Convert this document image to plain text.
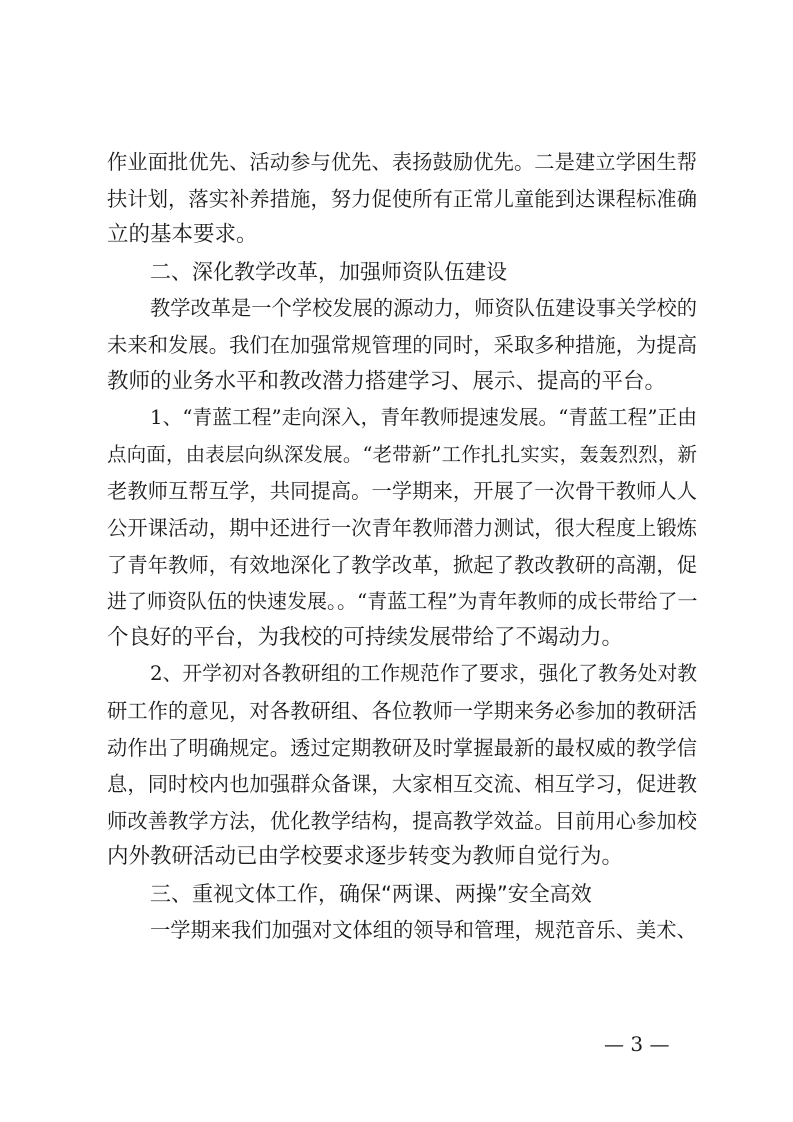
作业面批优先、活动参与优先、表扬鼓励优先。二是建立学困生帮
扶计划，落实补养措施，努力促使所有正常儿童能到达课程标准确
立的基本要求。
二、深化教学改革，加强师资队伍建设
教学改革是一个学校发展的源动力，师资队伍建设事关学校的
未来和发展。我们在加强常规管理的同时，采取多种措施，为提高
教师的业务水平和教改潜力搭建学习、展示、提高的平台。
1、“青蓝工程”走向深入，青年教师提速发展。“青蓝工程”正由
点向面，由表层向纵深发展。“老带新”工作扎扎实实，轰轰烈烈，新
老教师互帮互学，共同提高。一学期来，开展了一次骨干教师人人
公开课活动，期中还进行一次青年教师潜力测试，很大程度上锻炼
了青年教师，有效地深化了教学改革，掀起了教改教研的高潮，促
进了师资队伍的快速发展。。“青蓝工程”为青年教师的成长带给了一
个良好的平台，为我校的可持续发展带给了不竭动力。
2、开学初对各教研组的工作规范作了要求，强化了教务处对教
研工作的意见，对各教研组、各位教师一学期来务必参加的教研活
动作出了明确规定。透过定期教研及时掌握最新的最权威的教学信
息，同时校内也加强群众备课，大家相互交流、相互学习，促进教
师改善教学方法，优化教学结构，提高教学效益。目前用心参加校
内外教研活动已由学校要求逐步转变为教师自觉行为。
三、重视文体工作，确保“两课、两操”安全高效
一学期来我们加强对文体组的领导和管理，规范音乐、美术、
— 3 —
